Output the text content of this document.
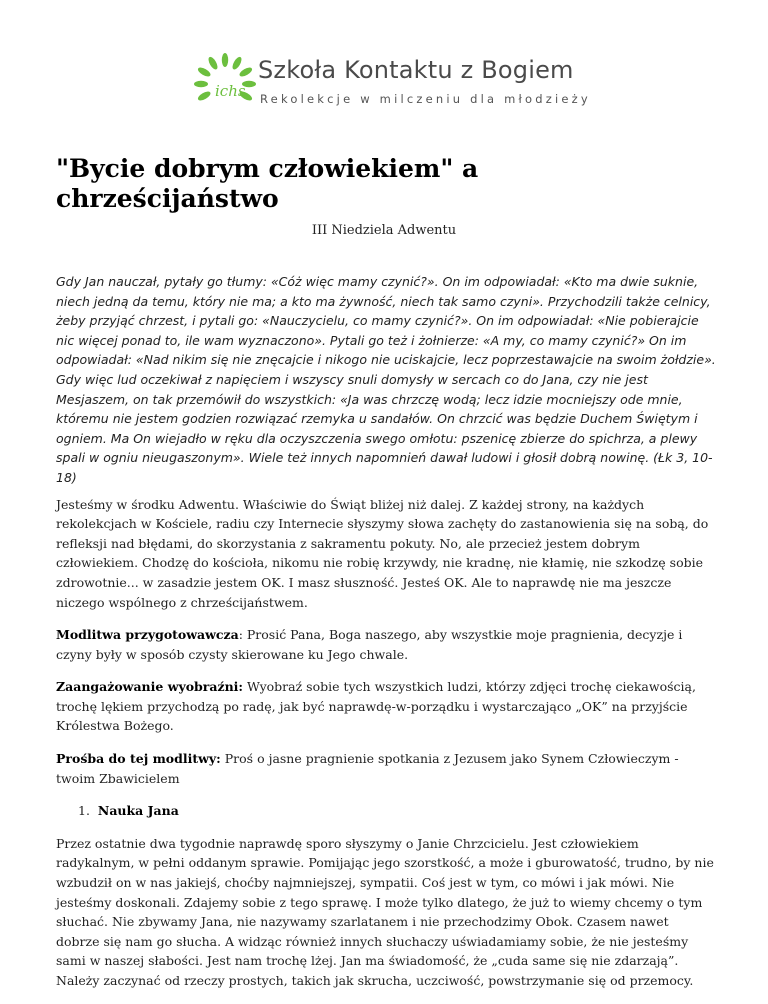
ichs
Szkoła Kontaktu z Bogiem
Rekolekcje w milczeniu dla młodzieży
"Bycie dobrym człowiekiem" a chrześcijaństwo
III Niedziela Adwentu

Gdy Jan nauczał, pytały go tłumy: «Cóż więc mamy czynić?». On im odpowiadał: «Kto ma dwie suknie, niech jedną da temu, który nie ma; a kto ma żywność, niech tak samo czyni». Przychodzili także celnicy, żeby przyjąć chrzest, i pytali go: «Nauczycielu, co mamy czynić?». On im odpowiadał: «Nie pobierajcie nic więcej ponad to, ile wam wyznaczono». Pytali go też i żołnierze: «A my, co mamy czynić?» On im odpowiadał: «Nad nikim się nie znęcajcie i nikogo nie uciskajcie, lecz poprzestawajcie na swoim żołdzie». Gdy więc lud oczekiwał z napięciem i wszyscy snuli domysły w sercach co do Jana, czy nie jest Mesjaszem, on tak przemówił do wszystkich: «Ja was chrzczę wodą; lecz idzie mocniejszy ode mnie, któremu nie jestem godzien rozwiązać rzemyka u sandałów. On chrzcić was będzie Duchem Świętym i ogniem. Ma On wiejadło w ręku dla oczyszczenia swego omłotu: pszenicę zbierze do spichrza, a plewy spali w ogniu nieugaszonym». Wiele też innych napomnień dawał ludowi i głosił dobrą nowinę. (Łk 3, 10-18)

Jesteśmy w środku Adwentu. Właściwie do Świąt bliżej niż dalej. Z każdej strony, na każdych rekolekcjach w Kościele, radiu czy Internecie słyszymy słowa zachęty do zastanowienia się na sobą, do refleksji nad błędami, do skorzystania z sakramentu pokuty. No, ale przecież jestem dobrym człowiekiem. Chodzę do kościoła, nikomu nie robię krzywdy, nie kradnę, nie kłamię, nie szkodzę sobie zdrowotnie... w zasadzie jestem OK. I masz słuszność. Jesteś OK. Ale to naprawdę nie ma jeszcze niczego wspólnego z chrześcijaństwem.

Modlitwa przygotowawcza: Prosić Pana, Boga naszego, aby wszystkie moje pragnienia, decyzje i czyny były w sposób czysty skierowane ku Jego chwale.

Zaangażowanie wyobraźni: Wyobraź sobie tych wszystkich ludzi, którzy zdjęci trochę ciekawością, trochę lękiem przychodzą po radę, jak być naprawdę-w-porządku i wystarczająco „OK” na przyjście Królestwa Bożego.

Prośba do tej modlitwy: Proś o jasne pragnienie spotkania z Jezusem jako Synem Człowieczym - twoim Zbawicielem

1. Nauka Jana

Przez ostatnie dwa tygodnie naprawdę sporo słyszymy o Janie Chrzcicielu. Jest człowiekiem radykalnym, w pełni oddanym sprawie. Pomijając jego szorstkość, a może i gburowatość, trudno, by nie wzbudził on w nas jakiejś, choćby najmniejszej, sympatii. Coś jest w tym, co mówi i jak mówi. Nie jesteśmy doskonali. Zdajemy sobie z tego sprawę. I może tylko dlatego, że już to wiemy chcemy o tym słuchać. Nie zbywamy Jana, nie nazywamy szarlatanem i nie przechodzimy Obok. Czasem nawet dobrze się nam go słucha. A widząc również innych słuchaczy uświadamiamy sobie, że nie jesteśmy sami w naszej słabości. Jest nam trochę lżej. Jan ma świadomość, że „cuda same się nie zdarzają”. Należy zaczynać od rzeczy prostych, takich jak skrucha, uczciwość, powstrzymanie się od przemocy.
